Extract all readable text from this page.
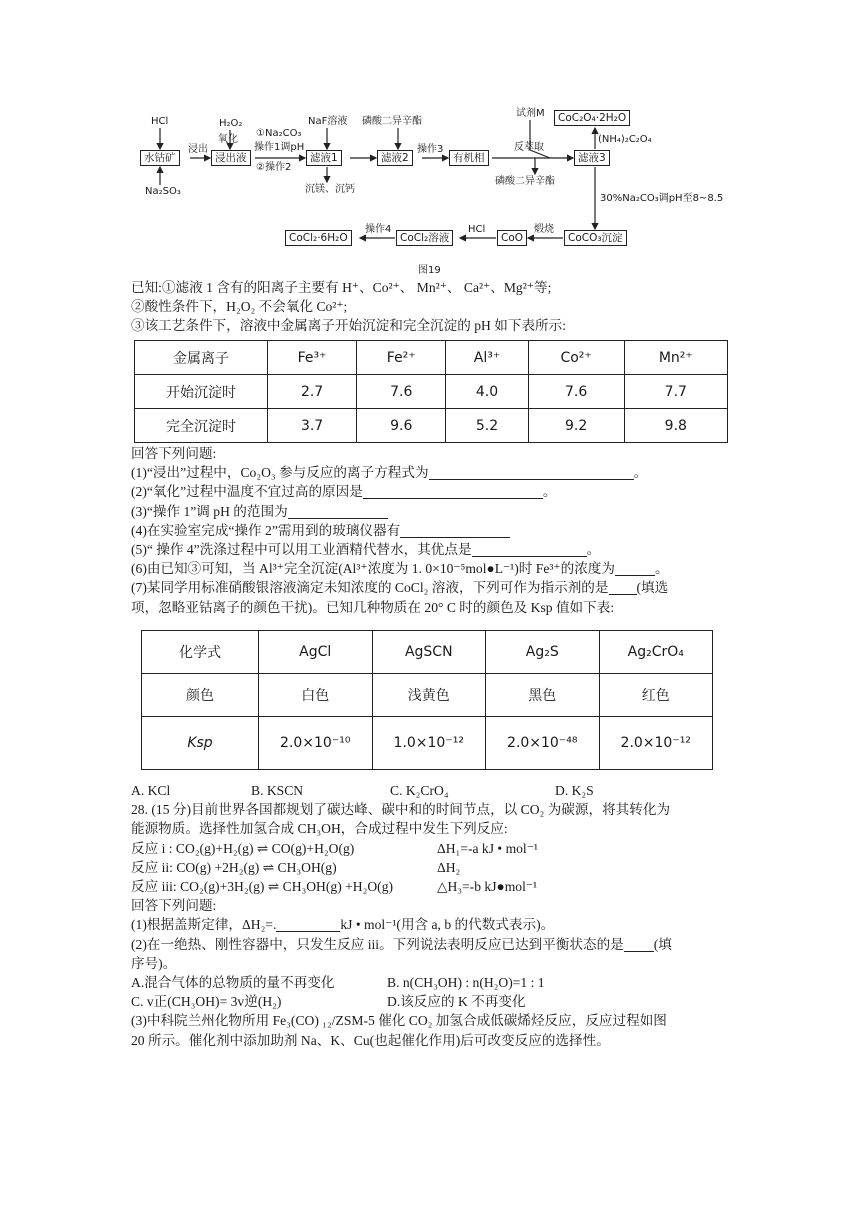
HCl
水钴矿
Na₂SO₃
浸出
H₂O₂
氧化
浸出液
①Na₂CO₃
操作1调pH
②操作2
NaF溶液
滤液1
沉镁、沉钙
磷酸二异辛酯
滤液2
操作3
有机相
试剂M
反萃取
磷酸二异辛酯
滤液3
CoC₂O₄·2H₂O
(NH₄)₂C₂O₄
30%Na₂CO₃调pH至8~8.5
CoCO₃沉淀
煅烧
CoO
HCl
CoCl₂溶液
操作4
CoCl₂·6H₂O
图19

已知:①滤液 1 含有的阳离子主要有 H⁺、Co²⁺、 Mn²⁺、 Ca²⁺、Mg²⁺等;

②酸性条件下，H₂O₂ 不会氧化 Co²⁺;

③该工艺条件下，溶液中金属离子开始沉淀和完全沉淀的 pH 如下表所示:

金属离子	Fe³⁺	Fe²⁺	Al³⁺	Co²⁺	Mn²⁺
开始沉淀时	2.7	7.6	4.0	7.6	7.7
完全沉淀时	3.7	9.6	5.2	9.2	9.8

回答下列问题:

(1)“浸出”过程中，Co₂O₃ 参与反应的离子方程式为	。

(2)“氧化”过程中温度不宜过高的原因是	。

(3)“操作 1”调 pH 的范围为

(4)在实验室完成“操作 2”需用到的玻璃仪器有

(5)“ 操作 4”洗涤过程中可以用工业酒精代替水，其优点是	。

(6)由已知③可知，当 Al³⁺完全沉淀(Al³⁺浓度为 1. 0×10⁻⁵mol●L⁻¹)时 Fe³⁺的浓度为	。

(7)某同学用标准硝酸银溶液滴定未知浓度的 CoCl₂ 溶液，下列可作为指示剂的是 (填选

项，忽略亚钴离子的颜色干扰)。已知几种物质在 20° C 时的颜色及 Ksp 值如下表:

化学式	AgCl	AgSCN	Ag₂S	Ag₂CrO₄
颜色	白色	浅黄色	黑色	红色
Ksp	2.0×10⁻¹⁰	1.0×10⁻¹²	2.0×10⁻⁴⁸	2.0×10⁻¹²

A. KCl	B. KSCN	C. K₂CrO₄	D. K₂S

28. (15 分)目前世界各国都规划了碳达峰、碳中和的时间节点，以 CO₂ 为碳源，将其转化为

能源物质。选择性加氢合成 CH₃OH，合成过程中发生下列反应:

反应 i : CO₂(g)+H₂(g) ⇌ CO(g)+H₂O(g)	ΔH₁=-a kJ • mol⁻¹

反应 ii: CO(g) +2H₂(g) ⇌ CH₃OH(g)	ΔH₂

反应 iii: CO₂(g)+3H₂(g) ⇌ CH₃OH(g) +H₂O(g)	△H₃=-b kJ●mol⁻¹

回答下列问题:

(1)根据盖斯定律，ΔH₂=.	kJ • mol⁻¹(用含 a, b 的代数式表示)。

(2)在一绝热、刚性容器中，只发生反应 iii。下列说法表明反应已达到平衡状态的是 (填

序号)。

A.混合气体的总物质的量不再变化	B. n(CH₃OH) : n(H₂O)=1 : 1

C. v正(CH₃OH)= 3v逆(H₂)	D.该反应的 K 不再变化

(3)中科院兰州化物所用 Fe₃(CO) ₁₂/ZSM-5 催化 CO₂ 加氢合成低碳烯烃反应，反应过程如图

20 所示。催化剂中添加助剂 Na、K、Cu(也起催化作用)后可改变反应的选择性。
